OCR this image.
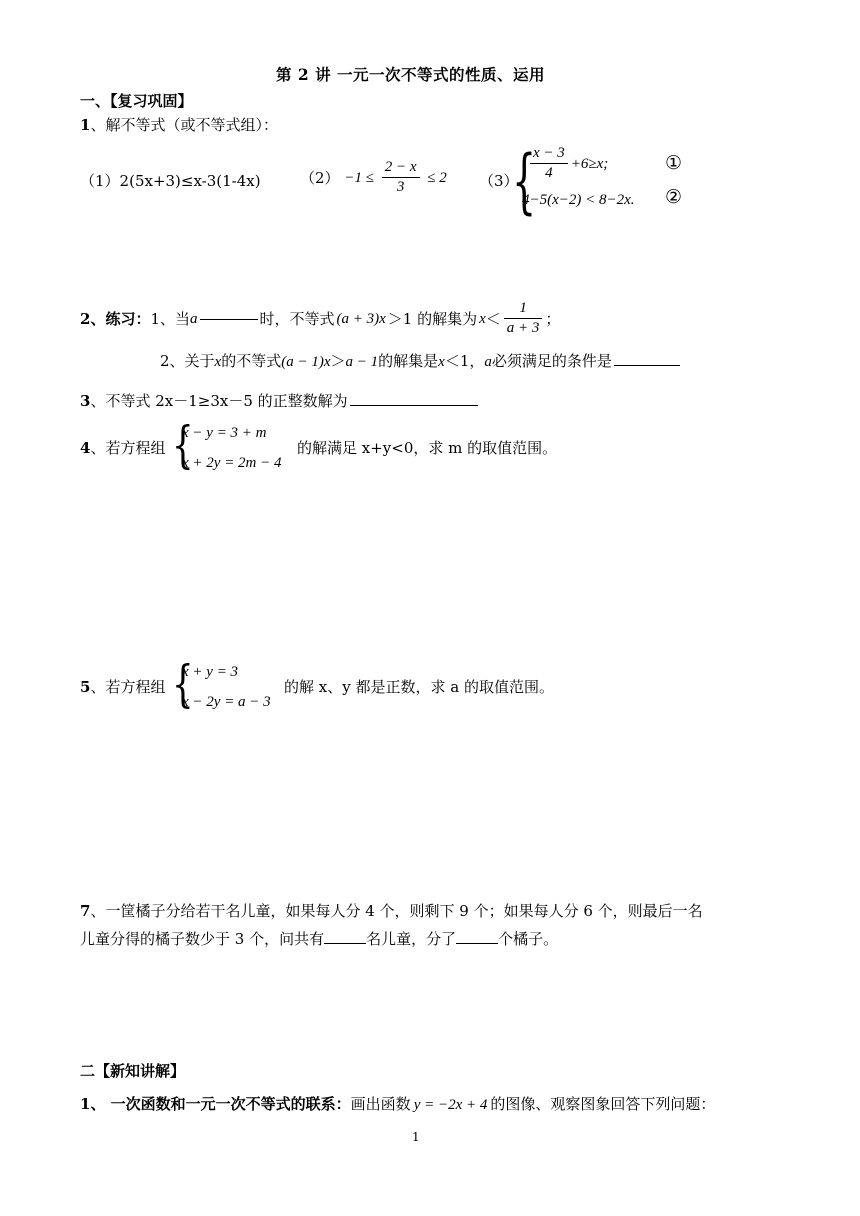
第 2 讲 一元一次不等式的性质、运用
一、【复习巩固】
1、解不等式（或不等式组）：
（1）2(5x+3)≤x-3(1-4x)	$(2) -1 \le \frac{2 - x}{3} \le 2$ （3）
{
$\frac{x - 3}{4} +6\ge x$;
4−5(x−2) < 8−2x.
①
②
2、练习：1、当a	时，不等式 (a + 3)x ＞1 的解集为 $x< \frac{1}{a + 3}$ ；
2、关于x的不等式(a − 1)x＞a − 1的解集是x＜1，a必须满足的条件是
3、不等式 2x－1≥3x－5 的正整数解为
4、若方程组 {
x − y = 3 + m
x + 2y = 2m − 4
的解满足 x+y<0，求 m 的取值范围。
5、若方程组 {
x + y = 3
x − 2y = a − 3
的解 x、y 都是正数，求 a 的取值范围。
7、一筐橘子分给若干名儿童，如果每人分 4 个，则剩下 9 个；如果每人分 6 个，则最后一名
儿童分得的橘子数少于 3 个，问共有	名儿童，分了	个橘子。
二【新知讲解】
1、 一次函数和一元一次不等式的联系：画出函数 y = −2x + 4 的图像、观察图象回答下列问题：
1
